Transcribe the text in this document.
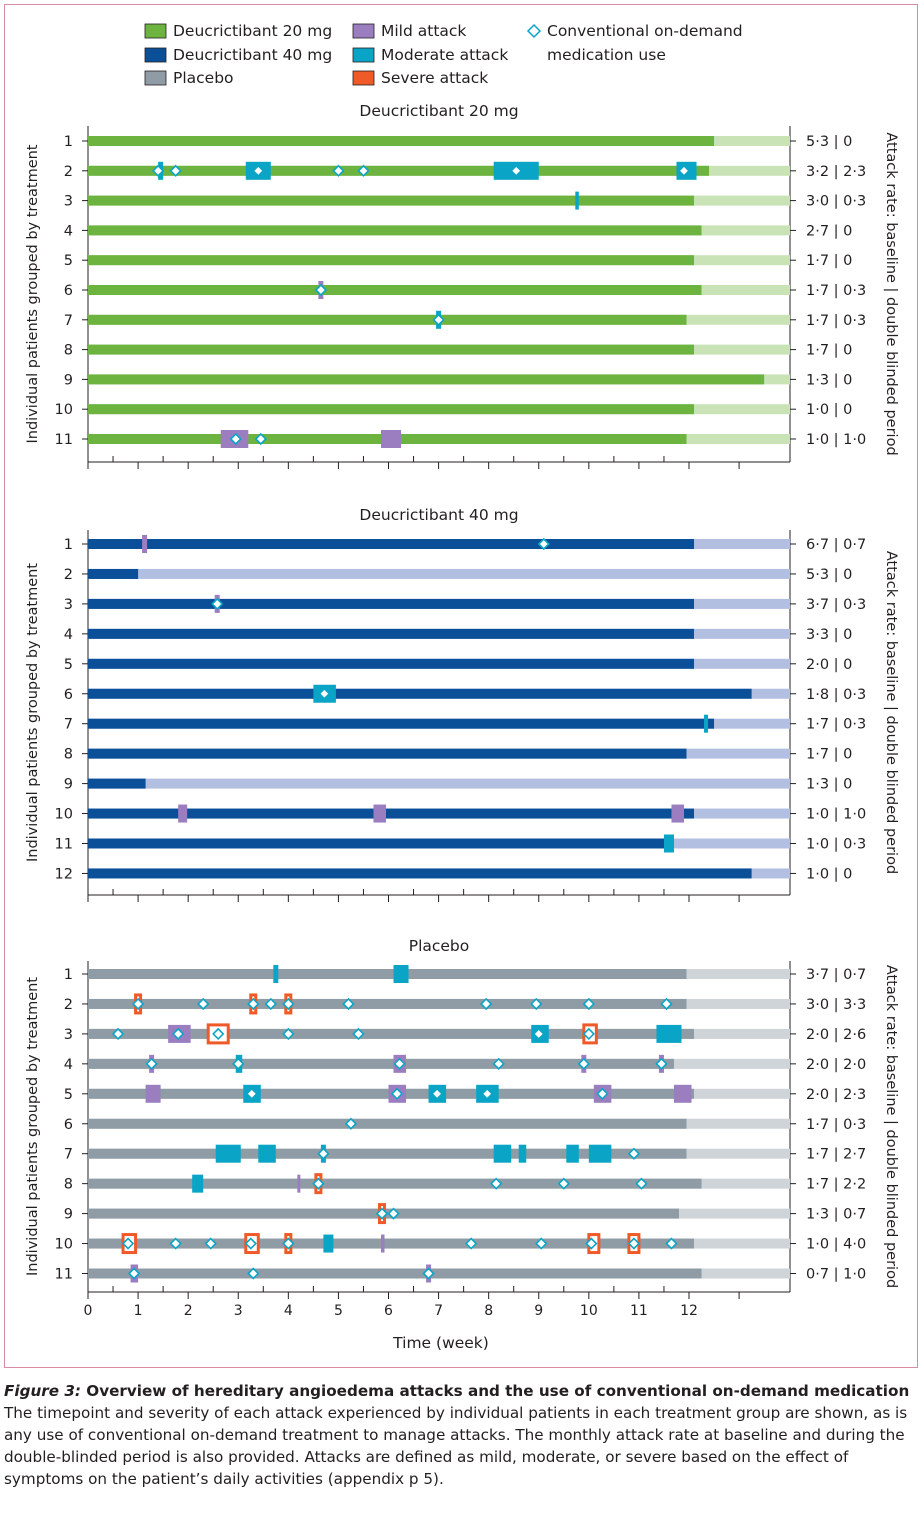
Deucrictibant 20 mg
Deucrictibant 40 mg
Placebo
Mild attack
Moderate attack
Severe attack
Conventional on-demand
medication use
Deucrictibant 20 mg
Individual patients grouped by treatment	Attack rate: baseline | double blinded period
1	5·3 | 0
2	3·2 | 2·3
3	3·0 | 0·3
4	2·7 | 0
5	1·7 | 0
6	1·7 | 0·3
7	1·7 | 0·3
8	1·7 | 0
9	1·3 | 0
10	1·0 | 0
11	1·0 | 1·0
Deucrictibant 40 mg
Individual patients grouped by treatment	Attack rate: baseline | double blinded period
1	6·7 | 0·7
2	5·3 | 0
3	3·7 | 0·3
4	3·3 | 0
5	2·0 | 0
6	1·8 | 0·3
7	1·7 | 0·3
8	1·7 | 0
9	1·3 | 0
10	1·0 | 1·0
11	1·0 | 0·3
12	1·0 | 0
Placebo
Individual patients grouped by treatment	Attack rate: baseline | double blinded period
0	1	2	3	4	5	6	7	8	9	10 11 12
1	3·7 | 0·7
2	3·0 | 3·3
3	2·0 | 2·6
4	2·0 | 2·0
5	2·0 | 2·3
6	1·7 | 0·3
7	1·7 | 2·7
8	1·7 | 2·2
9	1·3 | 0·7
10	1·0 | 4·0
11	0·7 | 1·0
Time (week)
Figure 3: Overview of hereditary angioedema attacks and the use of conventional on-demand medication
The timepoint and severity of each attack experienced by individual patients in each treatment group are shown, as is any use of conventional on-demand treatment to manage attacks. The monthly attack rate at baseline and during the double-blinded period is also provided. Attacks are defined as mild, moderate, or severe based on the effect of symptoms on the patient’s daily activities (appendix p 5).
